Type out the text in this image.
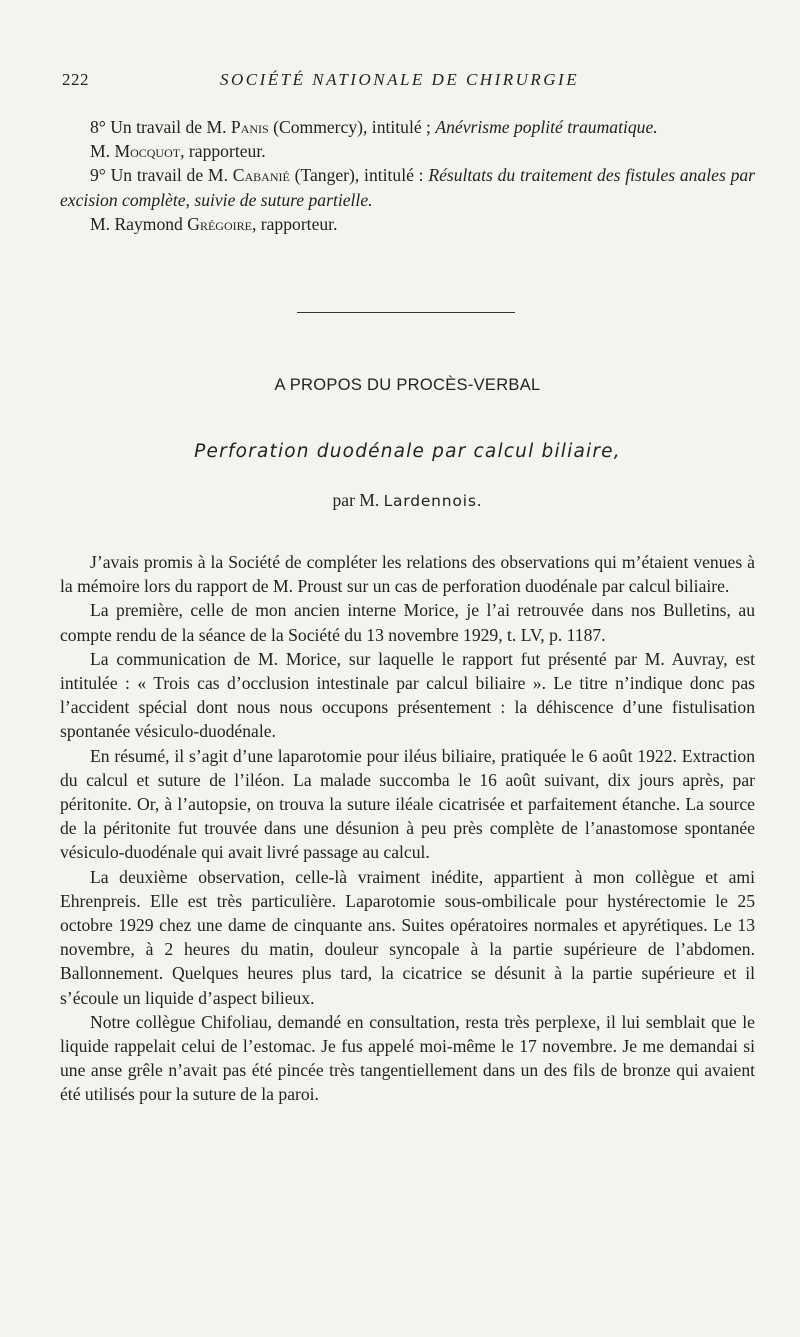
222	SOCIÉTÉ NATIONALE DE CHIRURGIE

8° Un travail de M. Panis (Commercy), intitulé ; Anévrisme poplité traumatique.

M. Mocquot, rapporteur.

9° Un travail de M. Cabanié (Tanger), intitulé : Résultats du traitement des fistules anales par excision complète, suivie de suture partielle.

M. Raymond Grégoire, rapporteur.

A PROPOS DU PROCÈS-VERBAL
Perforation duodénale par calcul biliaire,
par M. Lardennois.

J’avais promis à la Société de compléter les relations des observations qui m’étaient venues à la mémoire lors du rapport de M. Proust sur un cas de perforation duodénale par calcul biliaire.

La première, celle de mon ancien interne Morice, je l’ai retrouvée dans nos Bulletins, au compte rendu de la séance de la Société du 13 novembre 1929, t. LV, p. 1187.

La communication de M. Morice, sur laquelle le rapport fut présenté par M. Auvray, est intitulée : « Trois cas d’occlusion intestinale par calcul biliaire ». Le titre n’indique donc pas l’accident spécial dont nous nous occupons présentement : la déhiscence d’une fistulisation spontanée vésiculo-duodénale.

En résumé, il s’agit d’une laparotomie pour iléus biliaire, pratiquée le 6 août 1922. Extraction du calcul et suture de l’iléon. La malade succomba le 16 août suivant, dix jours après, par péritonite. Or, à l’autopsie, on trouva la suture iléale cicatrisée et parfaitement étanche. La source de la péritonite fut trouvée dans une désunion à peu près complète de l’anastomose spontanée vésiculo-duodénale qui avait livré passage au calcul.

La deuxième observation, celle-là vraiment inédite, appartient à mon collègue et ami Ehrenpreis. Elle est très particulière. Laparotomie sous-ombilicale pour hystérectomie le 25 octobre 1929 chez une dame de cinquante ans. Suites opératoires normales et apyrétiques. Le 13 novembre, à 2 heures du matin, douleur syncopale à la partie supérieure de l’abdomen. Ballonnement. Quelques heures plus tard, la cicatrice se désunit à la partie supérieure et il s’écoule un liquide d’aspect bilieux.

Notre collègue Chifoliau, demandé en consultation, resta très perplexe, il lui semblait que le liquide rappelait celui de l’estomac. Je fus appelé moi-même le 17 novembre. Je me demandai si une anse grêle n’avait pas été pincée très tangentiellement dans un des fils de bronze qui avaient été utilisés pour la suture de la paroi.
